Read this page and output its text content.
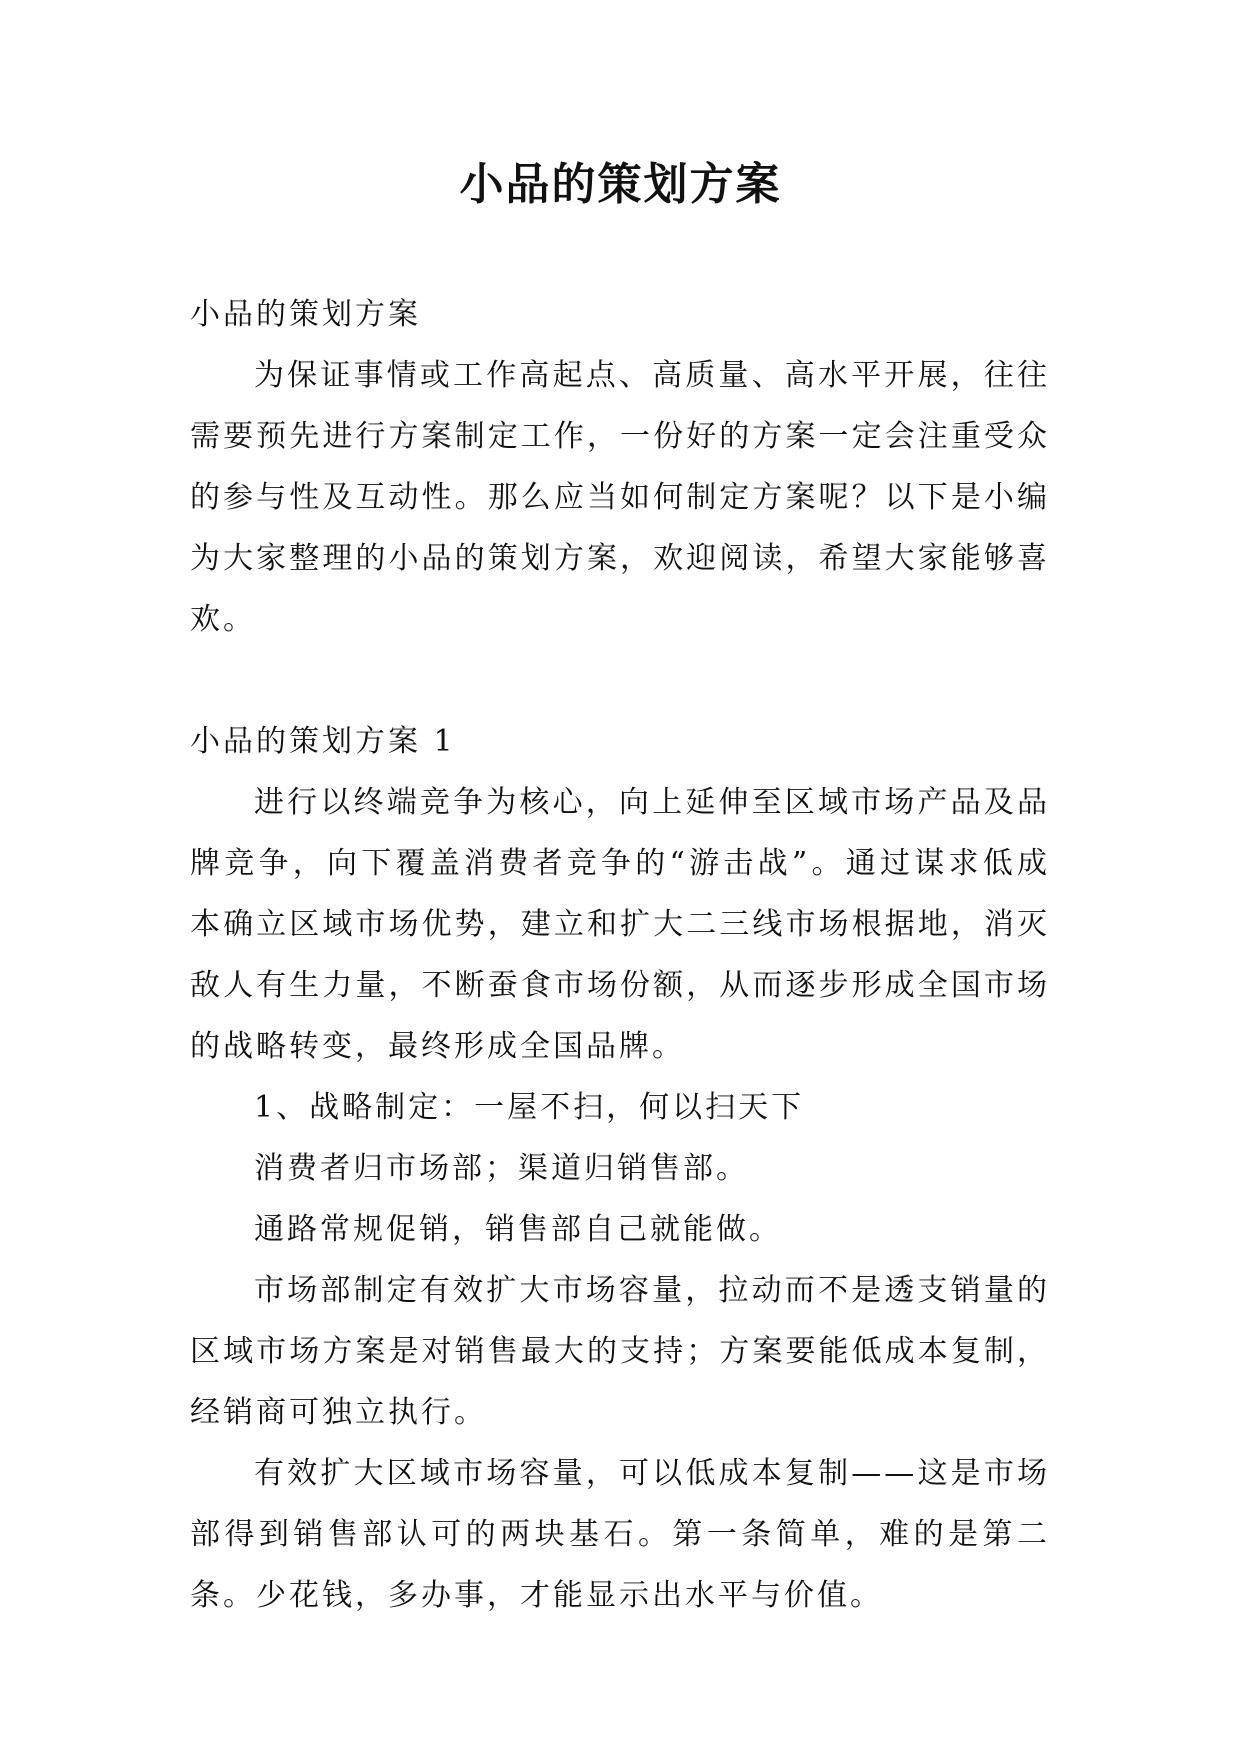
小品的策划方案

小品的策划方案

为保证事情或工作高起点、高质量、高水平开展，往往需要预先进行方案制定工作，一份好的方案一定会注重受众的参与性及互动性。那么应当如何制定方案呢？以下是小编为大家整理的小品的策划方案，欢迎阅读，希望大家能够喜欢。

小品的策划方案 1

进行以终端竞争为核心，向上延伸至区域市场产品及品牌竞争，向下覆盖消费者竞争的“游击战”。通过谋求低成本确立区域市场优势，建立和扩大二三线市场根据地，消灭敌人有生力量，不断蚕食市场份额，从而逐步形成全国市场的战略转变，最终形成全国品牌。

1、战略制定：一屋不扫，何以扫天下

消费者归市场部；渠道归销售部。

通路常规促销，销售部自己就能做。

市场部制定有效扩大市场容量，拉动而不是透支销量的区域市场方案是对销售最大的支持；方案要能低成本复制，经销商可独立执行。

有效扩大区域市场容量，可以低成本复制——这是市场部得到销售部认可的两块基石。第一条简单，难的是第二条。少花钱，多办事，才能显示出水平与价值。
